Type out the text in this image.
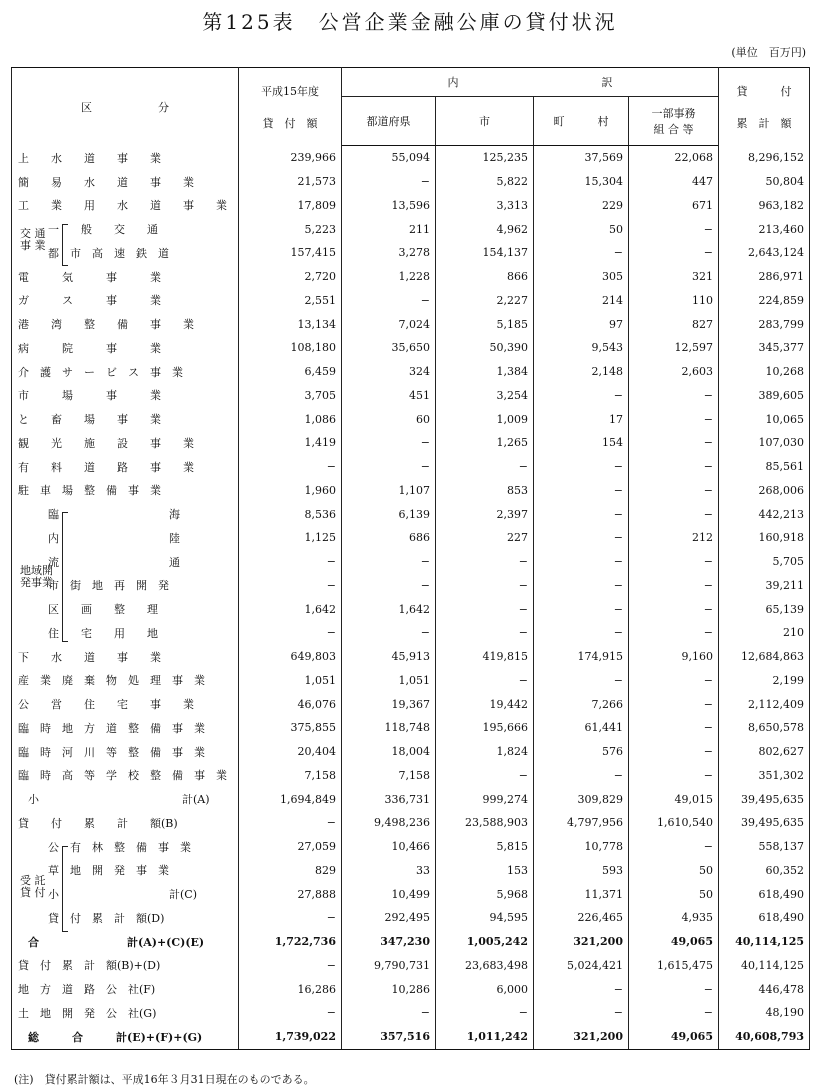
第125表　公営企業金融公庫の貸付状況
(単位　百万円)
区　　　　　　分	平成15年度
貸　付　額	内　　　　　　　　　　　　　訳				貸　　　付
累　計　額

		都道府県	市	町　　　村	一部事務
組 合 等	

上　　水　　道　　事　　業	239,966	55,094	125,235	37,569	22,068	8,296,152
簡　　易　　水　　道　　事　　業	21,573	−	5,822	15,304	447	50,804
工　　業　　用　　水　　道　　事　　業	17,809	13,596	3,313	229	671	963,182
一　　般　　交　　通	5,223	211	4,962	50	−	213,460
都　市　高　速　鉄　道	157,415	3,278	154,137	−	−	2,643,124
電　　　気　　　事　　　業	2,720	1,228	866	305	321	286,971
ガ　　　ス　　　事　　　業	2,551	−	2,227	214	110	224,859
港　　湾　　整　　備　　事　　業	13,134	7,024	5,185	97	827	283,799
病　　　院　　　事　　　業	108,180	35,650	50,390	9,543	12,597	345,377
介　護　サ　ー　ビ　ス　事　業	6,459	324	1,384	2,148	2,603	10,268
市　　　場　　　事　　　業	3,705	451	3,254	−	−	389,605
と　　畜　　場　　事　　業	1,086	60	1,009	17	−	10,065
観　　光　　施　　設　　事　　業	1,419	−	1,265	154	−	107,030
有　　料　　道　　路　　事　　業	−	−	−	−	−	85,561
駐　車　場　整　備　事　業	1,960	1,107	853	−	−	268,006
臨　　　　　　　　　　海	8,536	6,139	2,397	−	−	442,213
内　　　　　　　　　　陸	1,125	686	227	−	212	160,918
流　　　　　　　　　　通	−	−	−	−	−	5,705
市　街　地　再　開　発	−	−	−	−	−	39,211
区　　画　　整　　理	1,642	1,642	−	−	−	65,139
住　　宅　　用　　地	−	−	−	−	−	210
下　　水　　道　　事　　業	649,803	45,913	419,815	174,915	9,160	12,684,863
産　業　廃　棄　物　処　理　事　業	1,051	1,051	−	−	−	2,199
公　　営　　住　　宅　　事　　業	46,076	19,367	19,442	7,266	−	2,112,409
臨　時　地　方　道　整　備　事　業	375,855	118,748	195,666	61,441	−	8,650,578
臨　時　河　川　等　整　備　事　業	20,404	18,004	1,824	576	−	802,627
臨　時　高　等　学　校　整　備　事　業	7,158	7,158	−	−	−	351,302
小　　　　　　　　　　　　　計(A)	1,694,849	336,731	999,274	309,829	49,015	39,495,635
貸　　付　　累　　計　　額(B)	−	9,498,236	23,588,903	4,797,956	1,610,540	39,495,635
公　有　林　整　備　事　業	27,059	10,466	5,815	10,778	−	558,137
草　地　開　発　事　業	829	33	153	593	50	60,352
小　　　　　　　　　　計(C)	27,888	10,499	5,968	11,371	50	618,490
貸　付　累　計　額(D)	−	292,495	94,595	226,465	4,935	618,490
合　　　　　　　　計(A)+(C)(E)	1,722,736	347,230	1,005,242	321,200	49,065	40,114,125
貸　付　累　計　額(B)+(D)	−	9,790,731	23,683,498	5,024,421	1,615,475	40,114,125
地　方　道　路　公　社(F)	16,286	10,286	6,000	−	−	446,478
土　地　開　発　公　社(G)	−	−	−	−	−	48,190
総　　　合　　　計(E)+(F)+(G)	1,739,022	357,516	1,011,242	321,200	49,065	40,608,793
交 通
事 業
地域開
発事業
受 託
貸 付
(注)　貸付累計額は、平成16年３月31日現在のものである。
